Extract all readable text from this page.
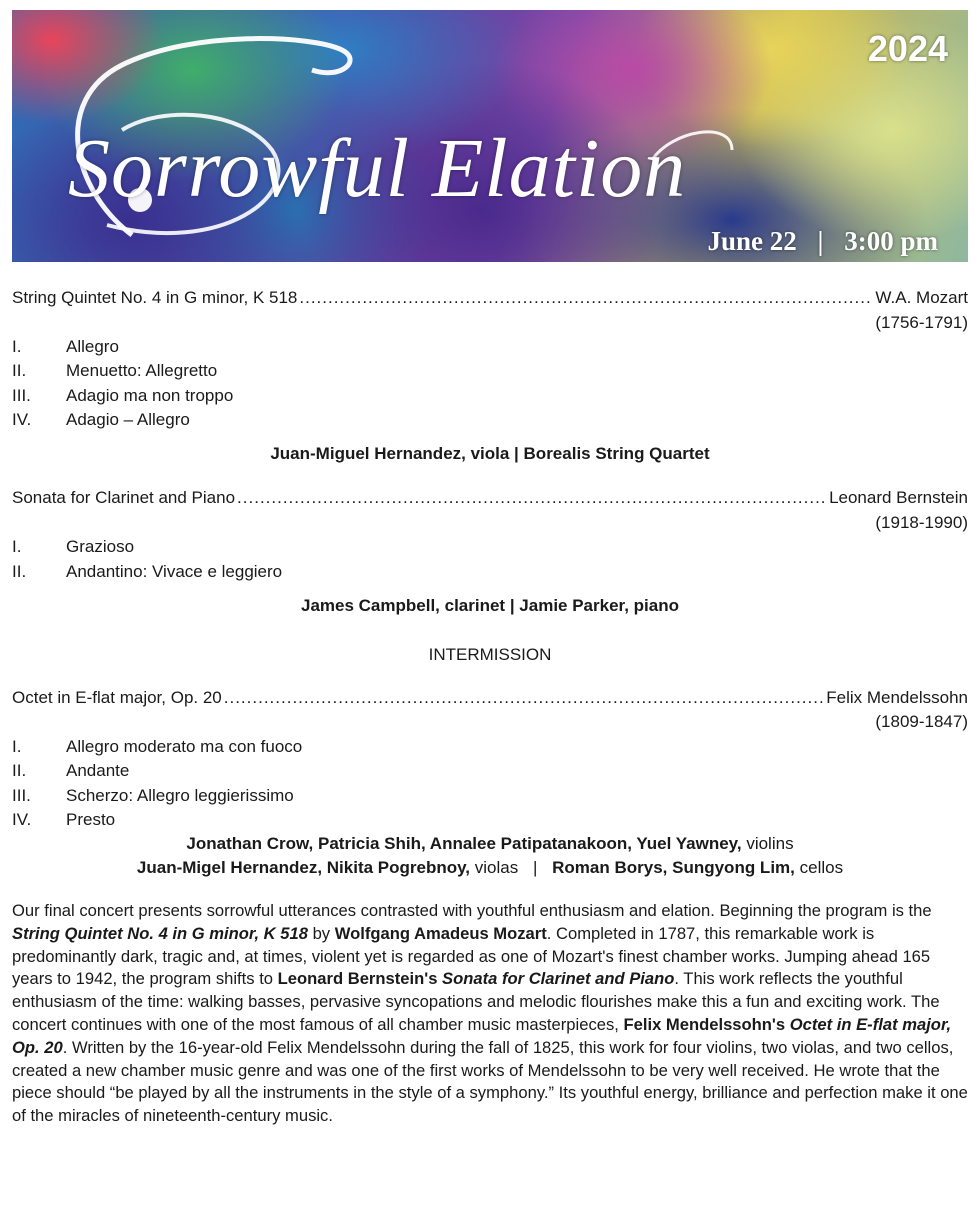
2024
Sorrowful Elation
June 22 | 3:00 pm
String Quintet No. 4 in G minor, K 518 .....	W.A. Mozart
(1756-1791)
I.	Allegro
II. Menuetto: Allegretto
III. Adagio ma non troppo
IV. Adagio – Allegro
Juan-Miguel Hernandez, viola | Borealis String Quartet
Sonata for Clarinet and Piano .....	Leonard Bernstein
(1918-1990)
I.	Grazioso
II. Andantino: Vivace e leggiero
James Campbell, clarinet | Jamie Parker, piano
INTERMISSION
Octet in E-flat major, Op. 20 .....	Felix Mendelssohn
(1809-1847)
I.	Allegro moderato ma con fuoco
II. Andante
III. Scherzo: Allegro leggierissimo
IV. Presto
Jonathan Crow, Patricia Shih, Annalee Patipatanakoon, Yuel Yawney, violins
Juan-Migel Hernandez, Nikita Pogrebnoy, violas | Roman Borys, Sungyong Lim, cellos
Our final concert presents sorrowful utterances contrasted with youthful enthusiasm and elation. Beginning the program is the String Quintet No. 4 in G minor, K 518 by Wolfgang Amadeus Mozart. Completed in 1787, this remarkable work is predominantly dark, tragic and, at times, violent yet is regarded as one of Mozart's finest chamber works. Jumping ahead 165 years to 1942, the program shifts to Leonard Bernstein's Sonata for Clarinet and Piano. This work reflects the youthful enthusiasm of the time: walking basses, pervasive syncopations and melodic flourishes make this a fun and exciting work. The concert continues with one of the most famous of all chamber music masterpieces, Felix Mendelssohn's Octet in E-flat major, Op. 20. Written by the 16-year-old Felix Mendelssohn during the fall of 1825, this work for four violins, two violas, and two cellos, created a new chamber music genre and was one of the first works of Mendelssohn to be very well received. He wrote that the piece should “be played by all the instruments in the style of a symphony.” Its youthful energy, brilliance and perfection make it one of the miracles of nineteenth-century music.
